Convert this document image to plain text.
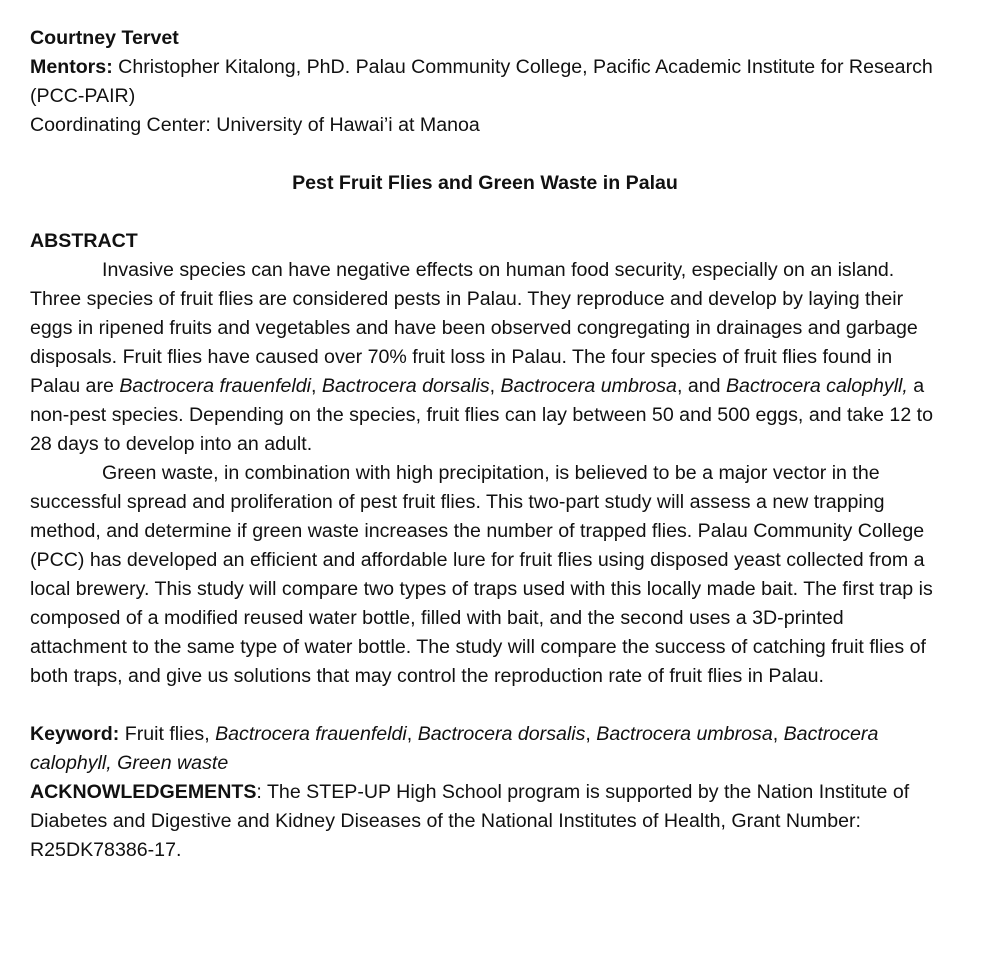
Courtney Tervet

Mentors: Christopher Kitalong, PhD. Palau Community College, Pacific Academic Institute for Research (PCC-PAIR)

Coordinating Center: University of Hawai’i at Manoa
Pest Fruit Flies and Green Waste in Palau
ABSTRACT

Invasive species can have negative effects on human food security, especially on an island. Three species of fruit flies are considered pests in Palau. They reproduce and develop by laying their eggs in ripened fruits and vegetables and have been observed congregating in drainages and garbage disposals. Fruit flies have caused over 70% fruit loss in Palau. The four species of fruit flies found in Palau are Bactrocera frauenfeldi, Bactrocera dorsalis, Bactrocera umbrosa, and Bactrocera calophyll, a non-pest species. Depending on the species, fruit flies can lay between 50 and 500 eggs, and take 12 to 28 days to develop into an adult.

Green waste, in combination with high precipitation, is believed to be a major vector in the successful spread and proliferation of pest fruit flies. This two-part study will assess a new trapping method, and determine if green waste increases the number of trapped flies. Palau Community College (PCC) has developed an efficient and affordable lure for fruit flies using disposed yeast collected from a local brewery. This study will compare two types of traps used with this locally made bait. The first trap is composed of a modified reused water bottle, filled with bait, and the second uses a 3D-printed attachment to the same type of water bottle. The study will compare the success of catching fruit flies of both traps, and give us solutions that may control the reproduction rate of fruit flies in Palau.

Keyword: Fruit flies, Bactrocera frauenfeldi, Bactrocera dorsalis, Bactrocera umbrosa, Bactrocera calophyll, Green waste

ACKNOWLEDGEMENTS: The STEP-UP High School program is supported by the Nation Institute of Diabetes and Digestive and Kidney Diseases of the National Institutes of Health, Grant Number: R25DK78386-17.
